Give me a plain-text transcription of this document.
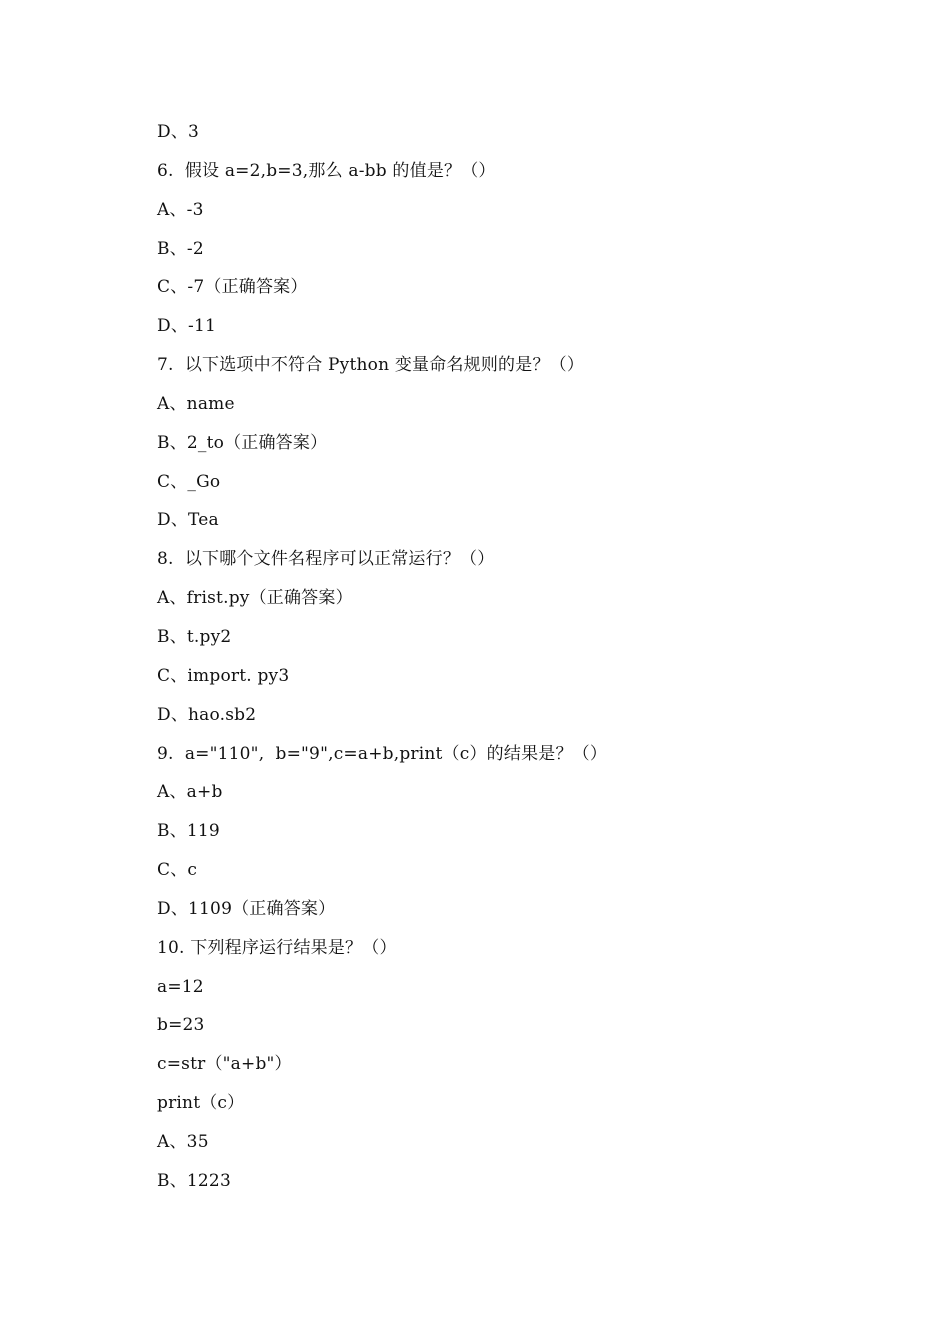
D、3
6.  假设 a=2,b=3,那么 a-bb 的值是？（）
A、-3
B、-2
C、-7（正确答案）
D、-11
7.  以下选项中不符合 Python 变量命名规则的是？（）
A、name
B、2_to（正确答案）
C、_Go
D、Tea
8.  以下哪个文件名程序可以正常运行？（）
A、frist.py（正确答案）
B、t.py2
C、import. py3
D、hao.sb2
9.  a="110",  b="9",c=a+b,print（c）的结果是？（）
A、a+b
B、119
C、c
D、1109（正确答案）
10. 下列程序运行结果是？（）
a=12
b=23
c=str（"a+b"）
print（c）
A、35
B、1223
